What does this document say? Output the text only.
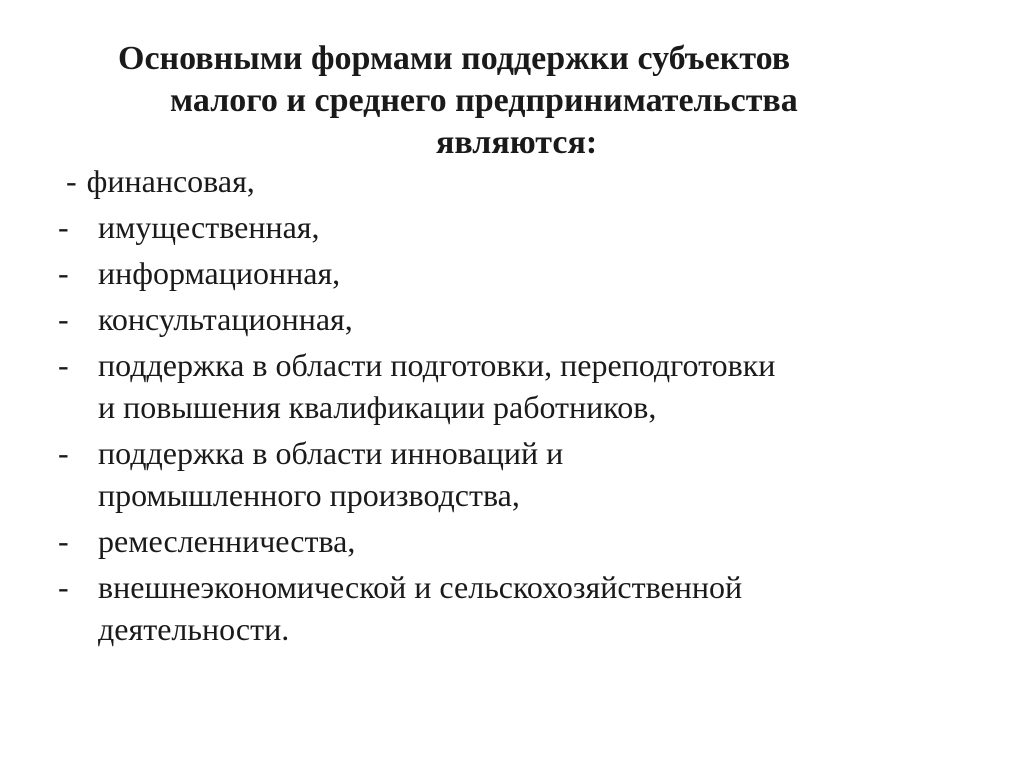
Основными формами поддержки субъектов
малого и среднего предпринимательства
являются:
- финансовая,
- имущественная,
- информационная,
- консультационная,
- поддержка в области подготовки, переподготовки
и повышения квалификации работников,
- поддержка в области инноваций и
промышленного производства,
- ремесленничества,
- внешнеэкономической и сельскохозяйственной
деятельности.
